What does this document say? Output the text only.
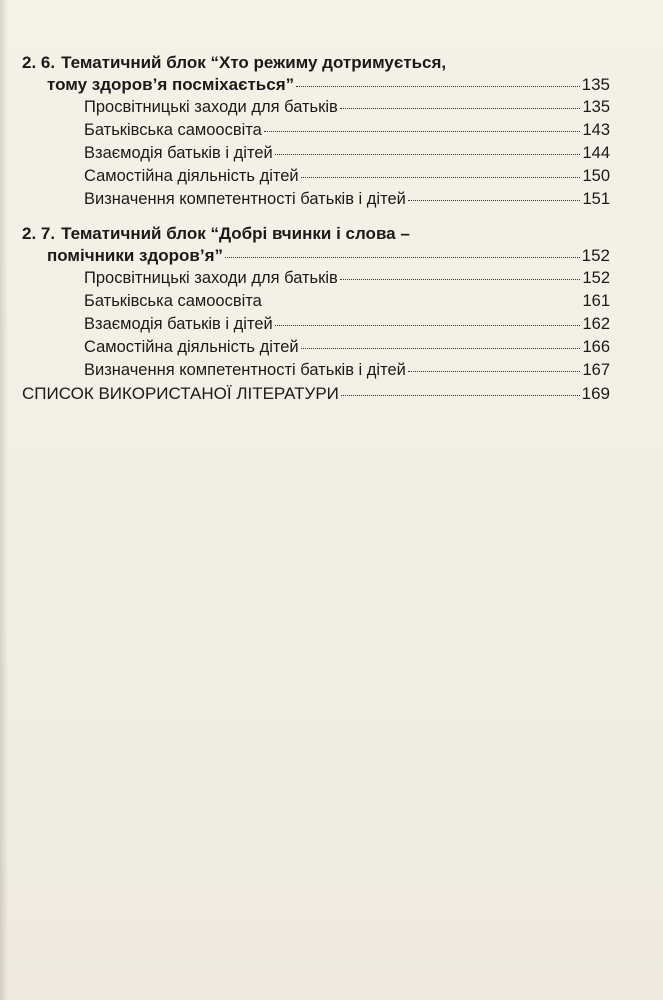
2. 6. Тематичний блок “Хто режиму дотримується,
тому здоров’я посміхається”	135
Просвітницькі заходи для батьків	135
Батьківська самоосвіта	143
Взаємодія батьків і дітей	144
Самостійна діяльність дітей	150
Визначення компетентності батьків і дітей	151
2. 7. Тематичний блок “Добрі вчинки і слова –
помічники здоров’я”	152
Просвітницькі заходи для батьків	152
Батьківська самоосвіта	161
Взаємодія батьків і дітей	162
Самостійна діяльність дітей	166
Визначення компетентності батьків і дітей	167
СПИСОК ВИКОРИСТАНОЇ ЛІТЕРАТУРИ	169
